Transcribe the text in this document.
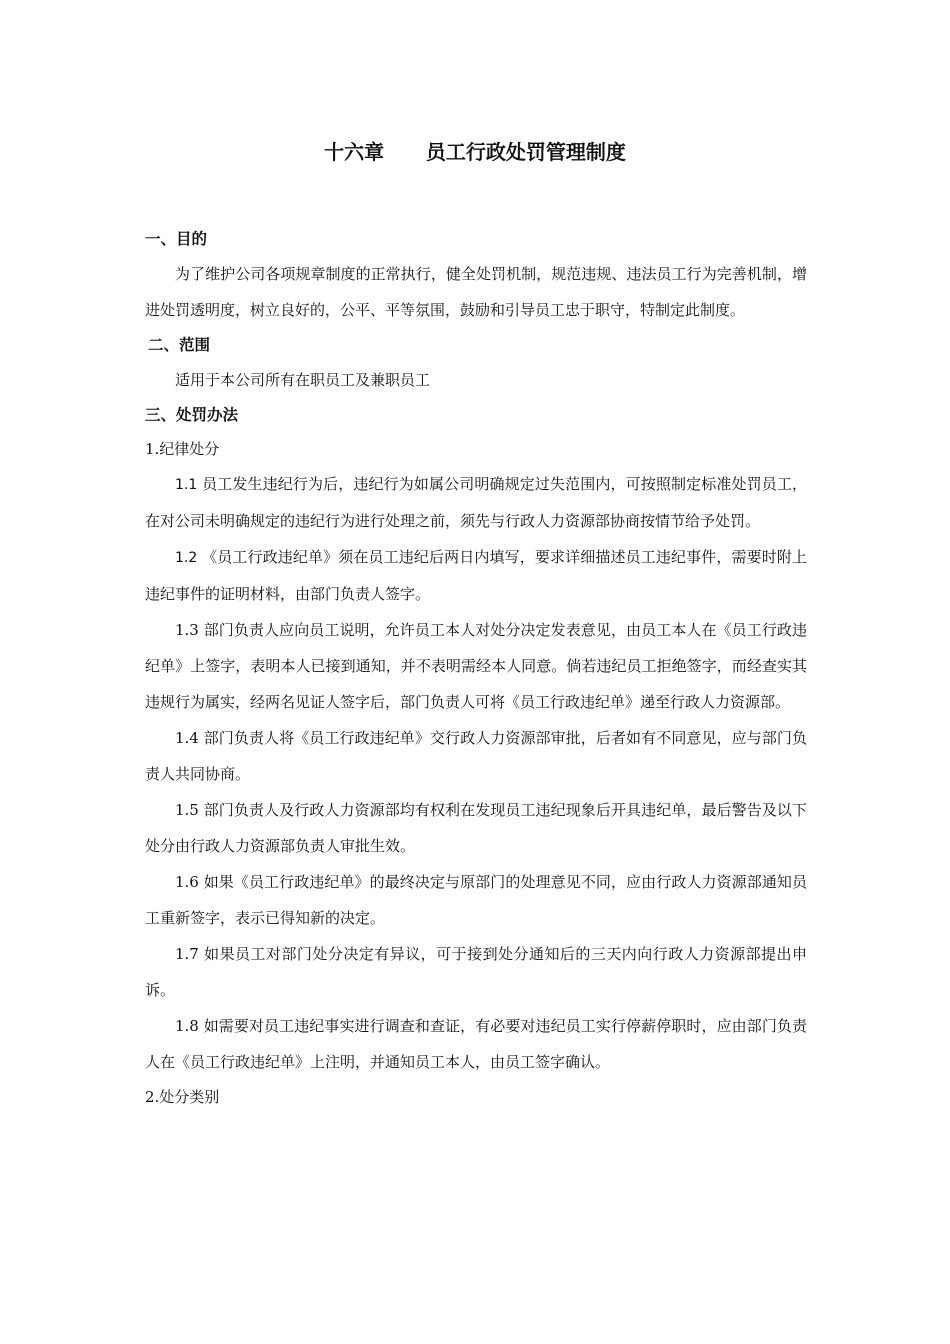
十六章      员工行政处罚管理制度

一、目的

为了维护公司各项规章制度的正常执行，健全处罚机制，规范违规、违法员工行为完善机制，增进处罚透明度，树立良好的，公平、平等氛围，鼓励和引导员工忠于职守，特制定此制度。

二、范围

适用于本公司所有在职员工及兼职员工

三、处罚办法

1.纪律处分

1.1 员工发生违纪行为后，违纪行为如属公司明确规定过失范围内，可按照制定标准处罚员工，在对公司未明确规定的违纪行为进行处理之前，须先与行政人力资源部协商按情节给予处罚。

1.2 《员工行政违纪单》须在员工违纪后两日内填写，要求详细描述员工违纪事件，需要时附上违纪事件的证明材料，由部门负责人签字。

1.3 部门负责人应向员工说明，允许员工本人对处分决定发表意见，由员工本人在《员工行政违纪单》上签字，表明本人已接到通知，并不表明需经本人同意。倘若违纪员工拒绝签字，而经查实其违规行为属实，经两名见证人签字后，部门负责人可将《员工行政违纪单》递至行政人力资源部。

1.4 部门负责人将《员工行政违纪单》交行政人力资源部审批，后者如有不同意见，应与部门负责人共同协商。

1.5 部门负责人及行政人力资源部均有权利在发现员工违纪现象后开具违纪单，最后警告及以下处分由行政人力资源部负责人审批生效。

1.6 如果《员工行政违纪单》的最终决定与原部门的处理意见不同，应由行政人力资源部通知员工重新签字，表示已得知新的决定。

1.7 如果员工对部门处分决定有异议，可于接到处分通知后的三天内向行政人力资源部提出申诉。

1.8 如需要对员工违纪事实进行调查和查证，有必要对违纪员工实行停薪停职时，应由部门负责人在《员工行政违纪单》上注明，并通知员工本人，由员工签字确认。

2.处分类别
